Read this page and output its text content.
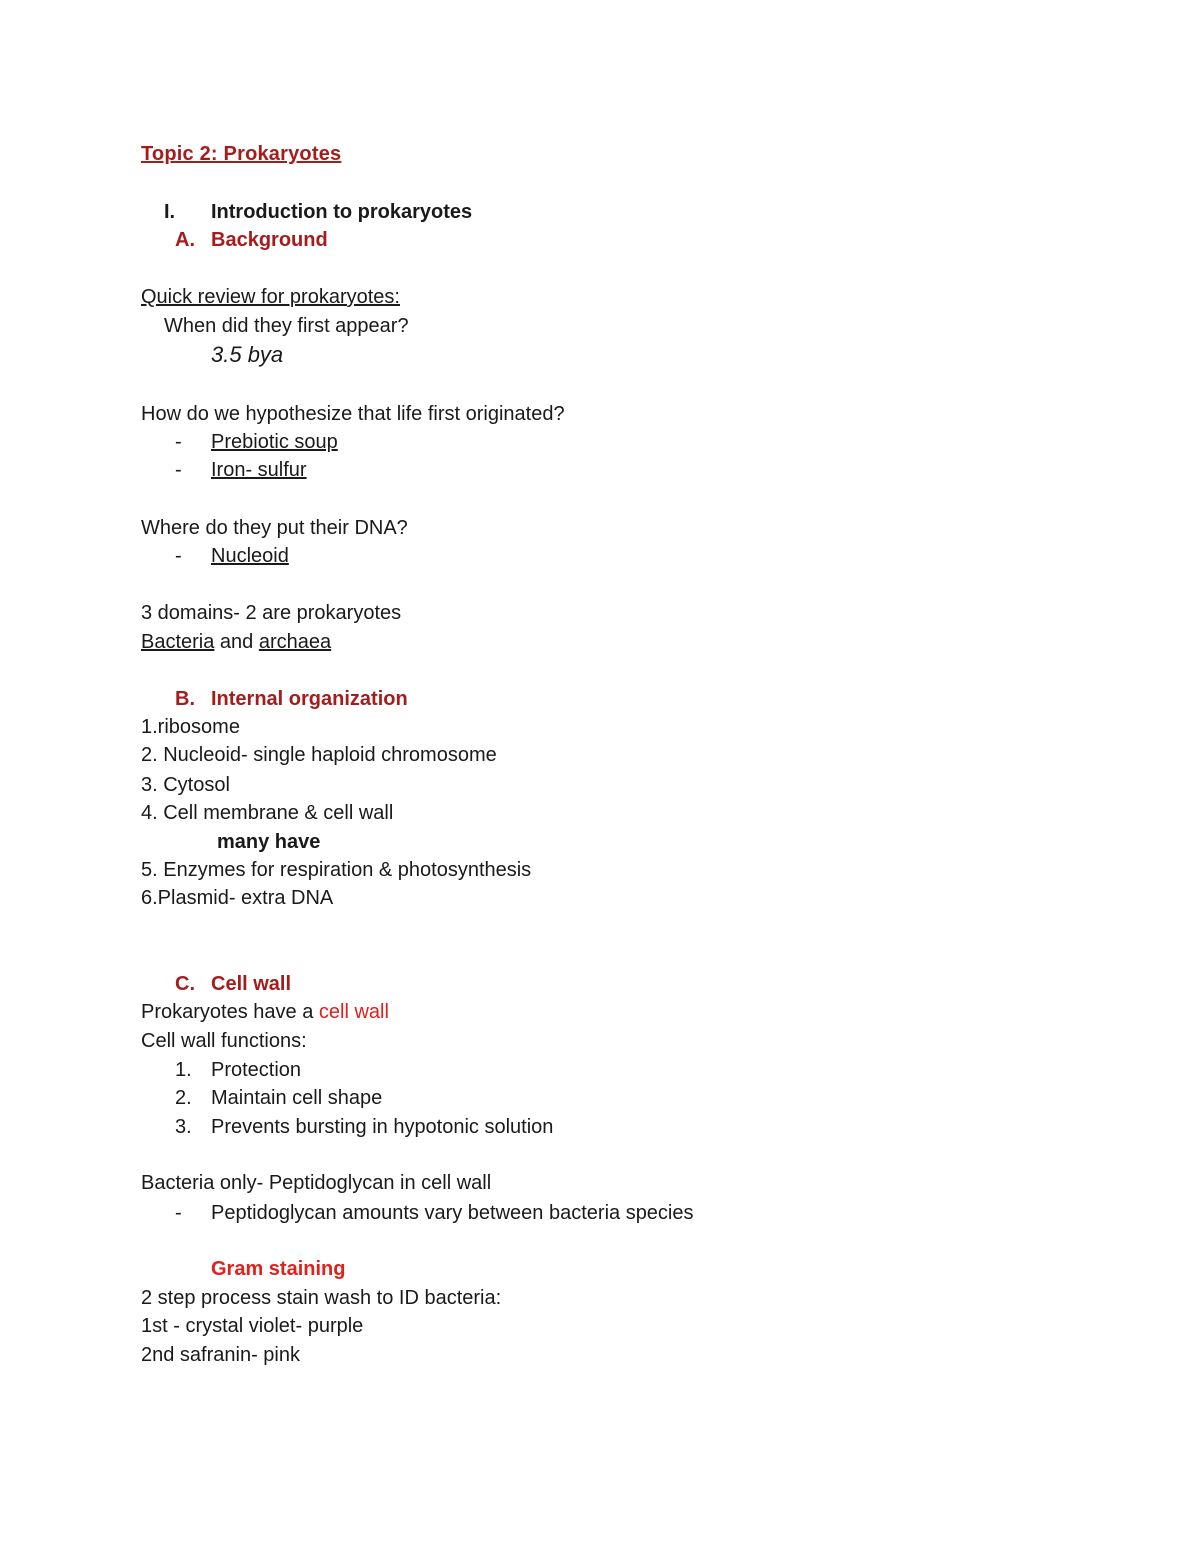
Topic 2: Prokaryotes
I. Introduction to prokaryotes
A. Background
Quick review for prokaryotes:
When did they first appear?
3.5 bya
How do we hypothesize that life first originated?
- Prebiotic soup
- Iron- sulfur
Where do they put their DNA?
- Nucleoid
3 domains- 2 are prokaryotes
Bacteria and archaea
B. Internal organization
1.ribosome
2. Nucleoid- single haploid chromosome
3. Cytosol
4. Cell membrane & cell wall
many have
5. Enzymes for respiration & photosynthesis
6.Plasmid- extra DNA
C. Cell wall
Prokaryotes have a cell wall
Cell wall functions:
1. Protection
2. Maintain cell shape
3. Prevents bursting in hypotonic solution
Bacteria only- Peptidoglycan in cell wall
- Peptidoglycan amounts vary between bacteria species
Gram staining
2 step process stain wash to ID bacteria:
1st - crystal violet- purple
2nd safranin- pink
